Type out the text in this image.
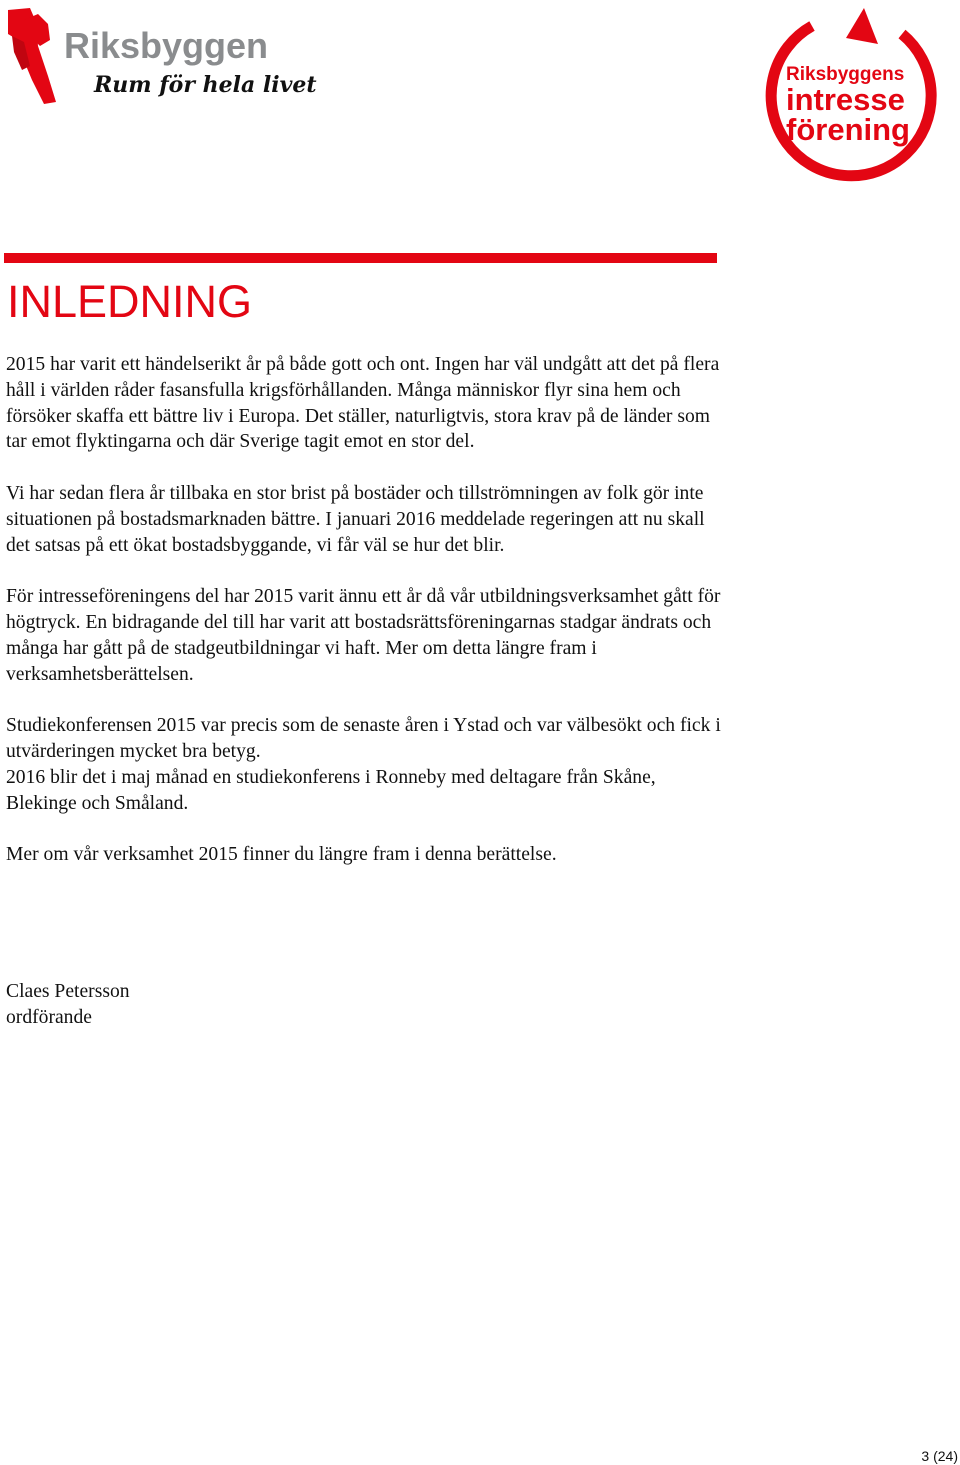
Riksbyggen
Rum för hela livet	Riksbyggens
intresse
förening
INLEDNING

2015 har varit ett händelserikt år på både gott och ont. Ingen har väl undgått att det på flera håll i världen råder fasansfulla krigsförhållanden. Många människor flyr sina hem och försöker skaffa ett bättre liv i Europa. Det ställer, naturligtvis, stora krav på de länder som tar emot flyktingarna och där Sverige tagit emot en stor del.

Vi har sedan flera år tillbaka en stor brist på bostäder och tillströmningen av folk gör inte situationen på bostadsmarknaden bättre. I januari 2016 meddelade regeringen att nu skall det satsas på ett ökat bostadsbyggande, vi får väl se hur det blir.

För intresseföreningens del har 2015 varit ännu ett år då vår utbildningsverksamhet gått för högtryck. En bidragande del till har varit att bostadsrättsföreningarnas stadgar ändrats och många har gått på de stadgeutbildningar vi haft. Mer om detta längre fram i verksamhetsberättelsen.

Studiekonferensen 2015 var precis som de senaste åren i Ystad och var välbesökt och fick i utvärderingen mycket bra betyg.

2016 blir det i maj månad en studiekonferens i Ronneby med deltagare från Skåne, Blekinge och Småland.

Mer om vår verksamhet 2015 finner du längre fram i denna berättelse.

Claes Petersson
ordförande
3 (24)
